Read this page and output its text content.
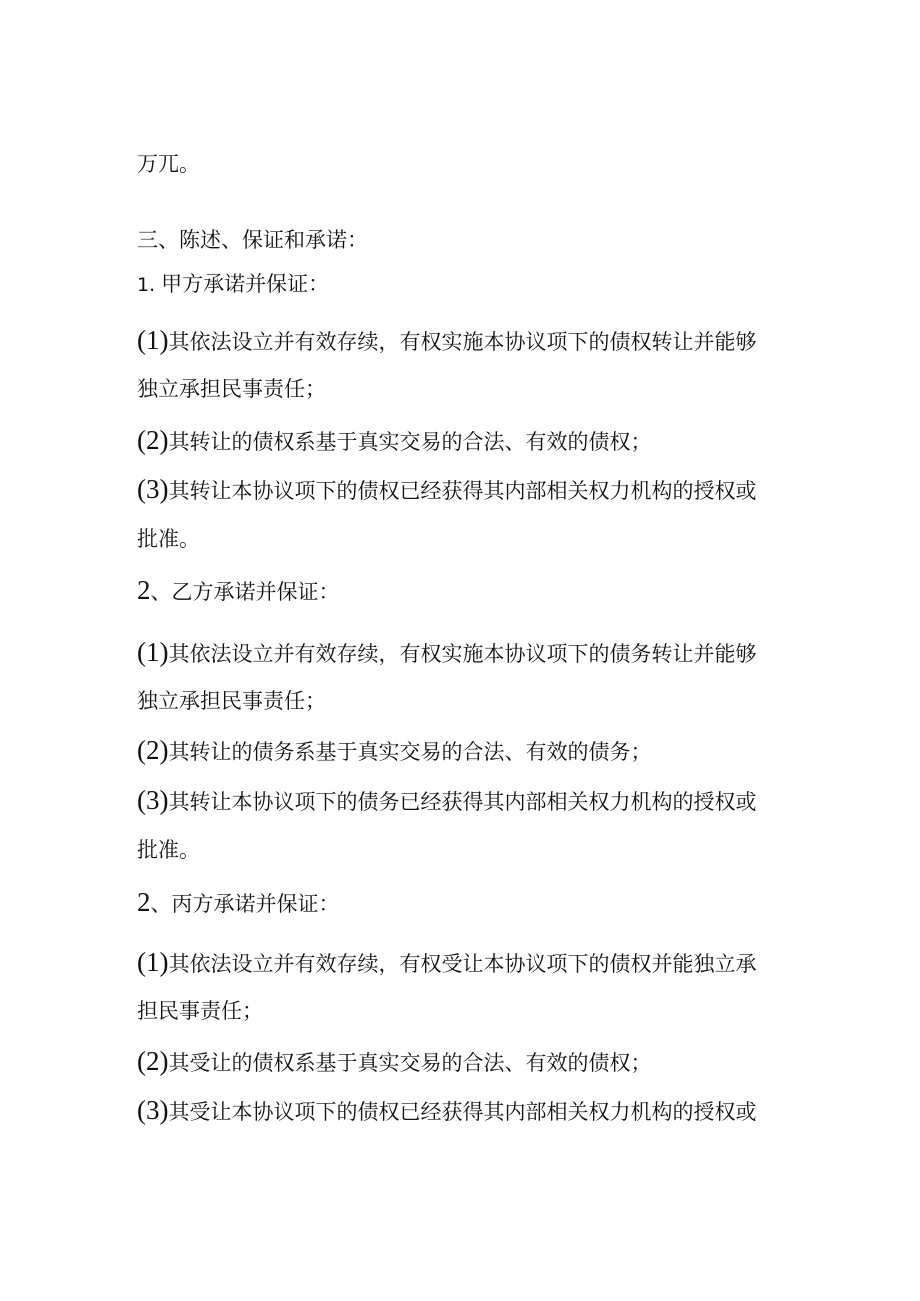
万兀。
三、陈述、保证和承诺：
1. 甲方承诺并保证：
(1)其依法设立并有效存续，有权实施本协议项下的债权转让并能够
独立承担民事责任；
(2)其转让的债权系基于真实交易的合法、有效的债权；
(3)其转让本协议项下的债权已经获得其内部相关权力机构的授权或
批准。
2、乙方承诺并保证：
(1)其依法设立并有效存续，有权实施本协议项下的债务转让并能够
独立承担民事责任；
(2)其转让的债务系基于真实交易的合法、有效的债务；
(3)其转让本协议项下的债务已经获得其内部相关权力机构的授权或
批准。
2、丙方承诺并保证：
(1)其依法设立并有效存续，有权受让本协议项下的债权并能独立承
担民事责任；
(2)其受让的债权系基于真实交易的合法、有效的债权；
(3)其受让本协议项下的债权已经获得其内部相关权力机构的授权或
